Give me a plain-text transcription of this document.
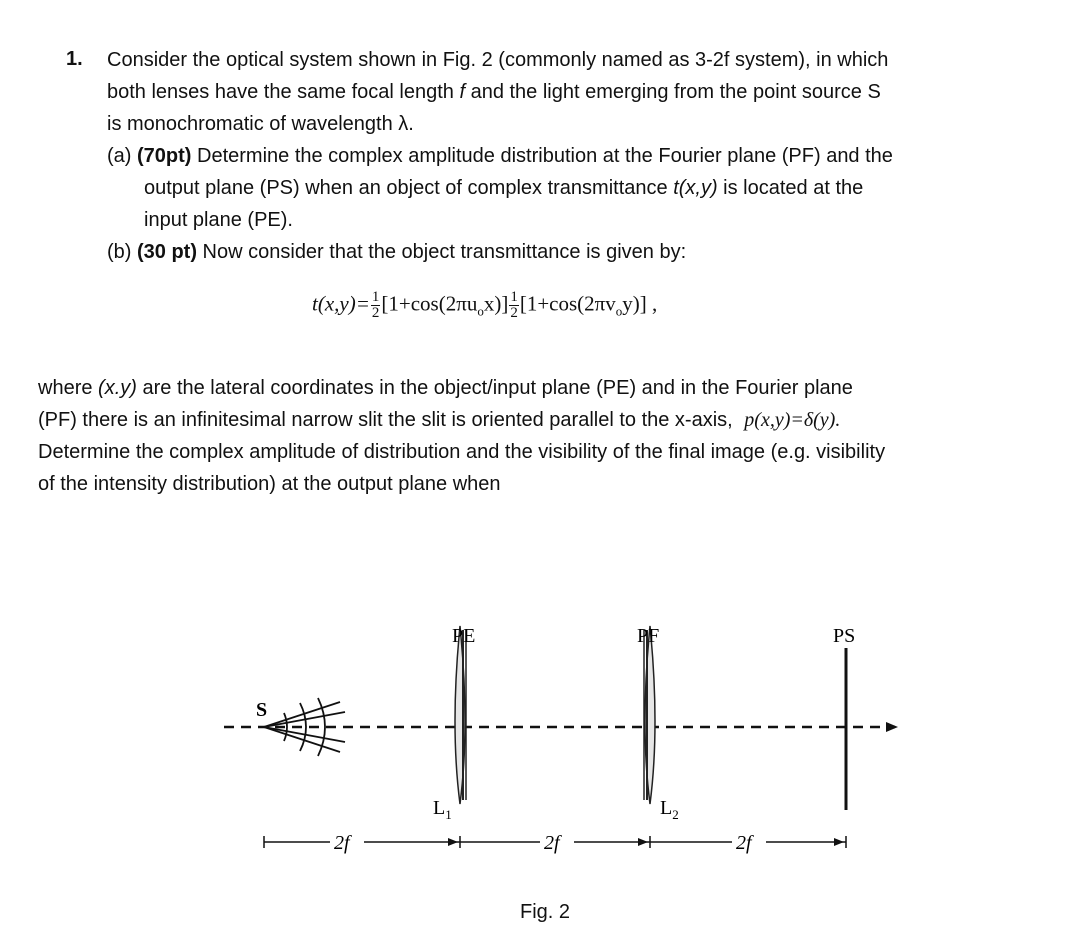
1. Consider the optical system shown in Fig. 2 (commonly named as 3-2f system), in which
both lenses have the same focal length f and the light emerging from the point source S
is monochromatic of wavelength λ.
(a) (70pt) Determine the complex amplitude distribution at the Fourier plane (PF) and the
output plane (PS) when an object of complex transmittance t(x,y) is located at the
input plane (PE).
(b) (30 pt) Now consider that the object transmittance is given by:
$t(x,y)= \frac{1}{2} [1+\cos(2\pi u_ox)] \frac{1}{2} [1+\cos(2\pi v_oy)]$ ,
where (x.y) are the lateral coordinates in the object/input plane (PE) and in the Fourier plane
(PF) there is an infinitesimal narrow slit the slit is oriented parallel to the x-axis, p(x,y)=δ(y).
Determine the complex amplitude of distribution and the visibility of the final image (e.g. visibility
of the intensity distribution) at the output plane when
S
PE
$L_1$
PF
$L_2$
PS
2f	2f	2f
Fig. 2
